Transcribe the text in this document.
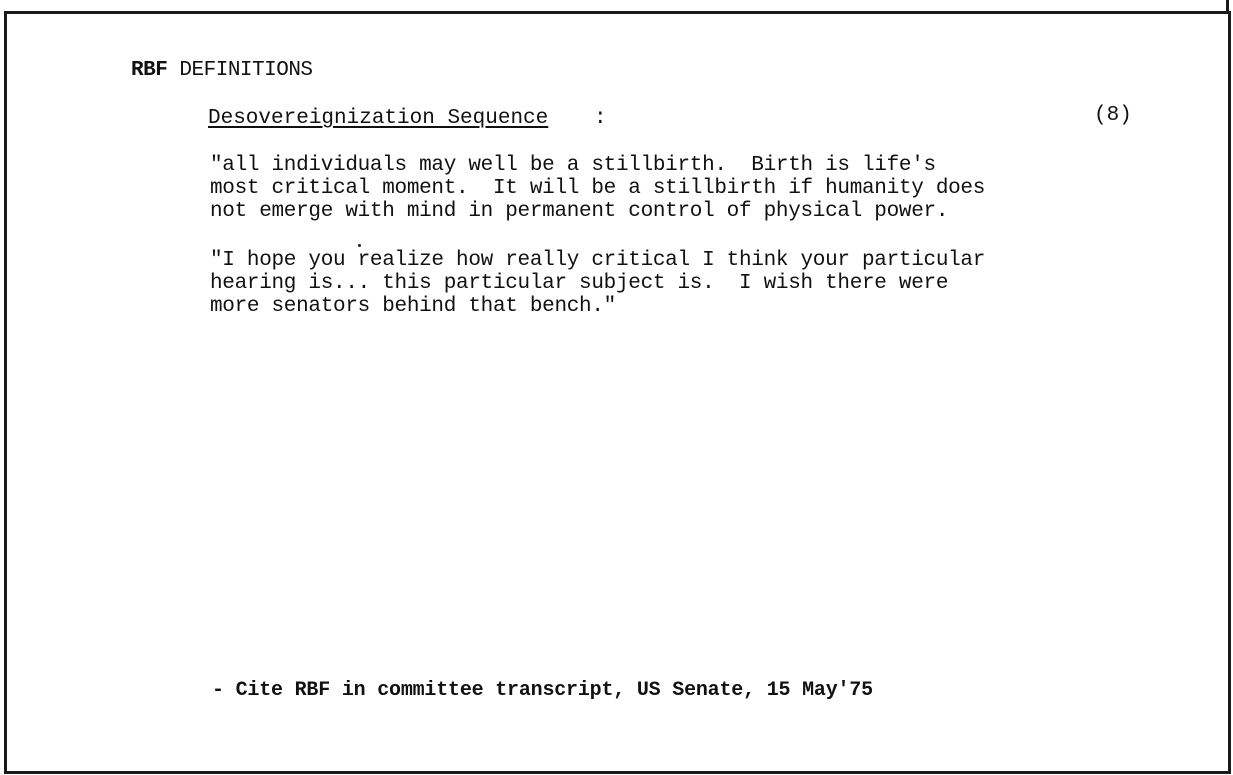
RBF DEFINITIONS
Desovereignization Sequence :	(8)
"all individuals may well be a stillbirth.  Birth is life's
most critical moment.  It will be a stillbirth if humanity does
not emerge with mind in permanent control of physical power.
"I hope you realize how really critical I think your particular
hearing is... this particular subject is.  I wish there were
more senators behind that bench."
- Cite RBF in committee transcript, US Senate, 15 May'75
